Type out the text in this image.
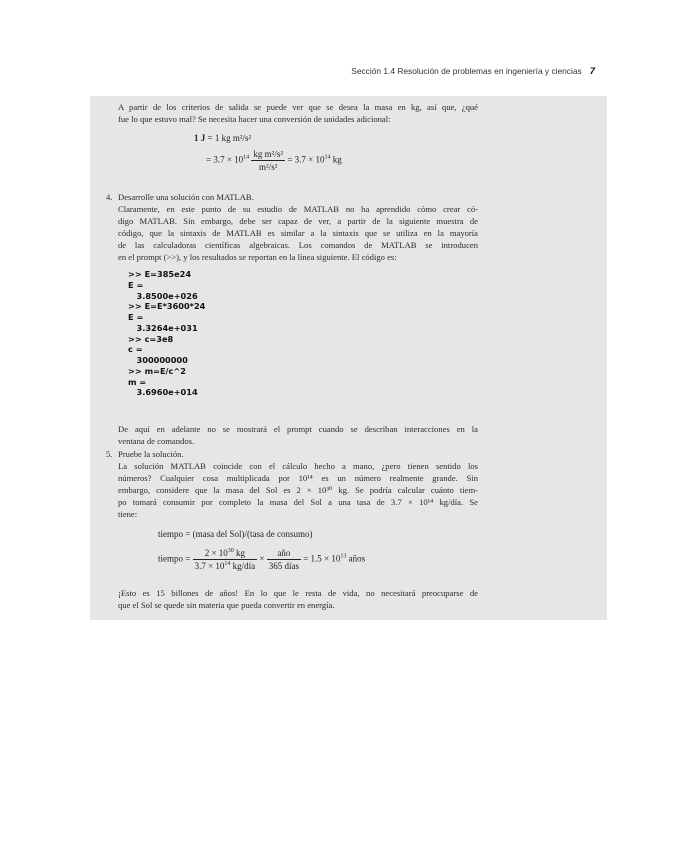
Sección 1.4 Resolución de problemas en ingeniería y ciencias 7
A partir de los criterios de salida se puede ver que se desea la masa en kg, así que, ¿qué
fue lo que estuvo mal? Se necesita hacer una conversión de unidades adicional:
1 J = 1 kg m²/s²
= $3.7 \times 10^{14} \frac{\text{kg m²/s²}}{\text{m²/s²}} = 3.7 \times 10^{14}$ kg
4. Desarrolle una solución con MATLAB.
Claramente, en este punto de su estudio de MATLAB no ha aprendido cómo crear có-
digo MATLAB. Sin embargo, debe ser capaz de ver, a partir de la siguiente muestra de
código, que la sintaxis de MATLAB es similar a la sintaxis que se utiliza en la mayoría
de las calculadoras científicas algebraicas. Los comandos de MATLAB se introducen
en el prompt (>>), y los resultados se reportan en la línea siguiente. El código es:
>> E=385e24
E =
3.8500e+026
>> E=E*3600*24
E =
3.3264e+031
>> c=3e8
c =
300000000
>> m=E/c^2
m =
3.6960e+014
De aquí en adelante no se mostrará el prompt cuando se describan interacciones en la
ventana de comandos.
5. Pruebe la solución.
La solución MATLAB coincide con el cálculo hecho a mano, ¿pero tienen sentido los
números? Cualquier cosa multiplicada por 10¹⁴ es un número realmente grande. Sin
embargo, considere que la masa del Sol es 2 × 10³⁰ kg. Se podría calcular cuánto tiem-
po tomará consumir por completo la masa del Sol a una tasa de 3.7 × 10¹⁴ kg/día. Se
tiene:
tiempo = (masa del Sol)/(tasa de consumo)
tiempo = $\frac{2 \times 10^{30} kg}{3.7 \times 10^{14} kg/día} \times \frac{\text{año}}{\text{365 días}} = 1.5 \times 10^{13}$ años
¡Esto es 15 billones de años! En lo que le resta de vida, no necesitará preocuparse de
que el Sol se quede sin materia que pueda convertir en energía.
